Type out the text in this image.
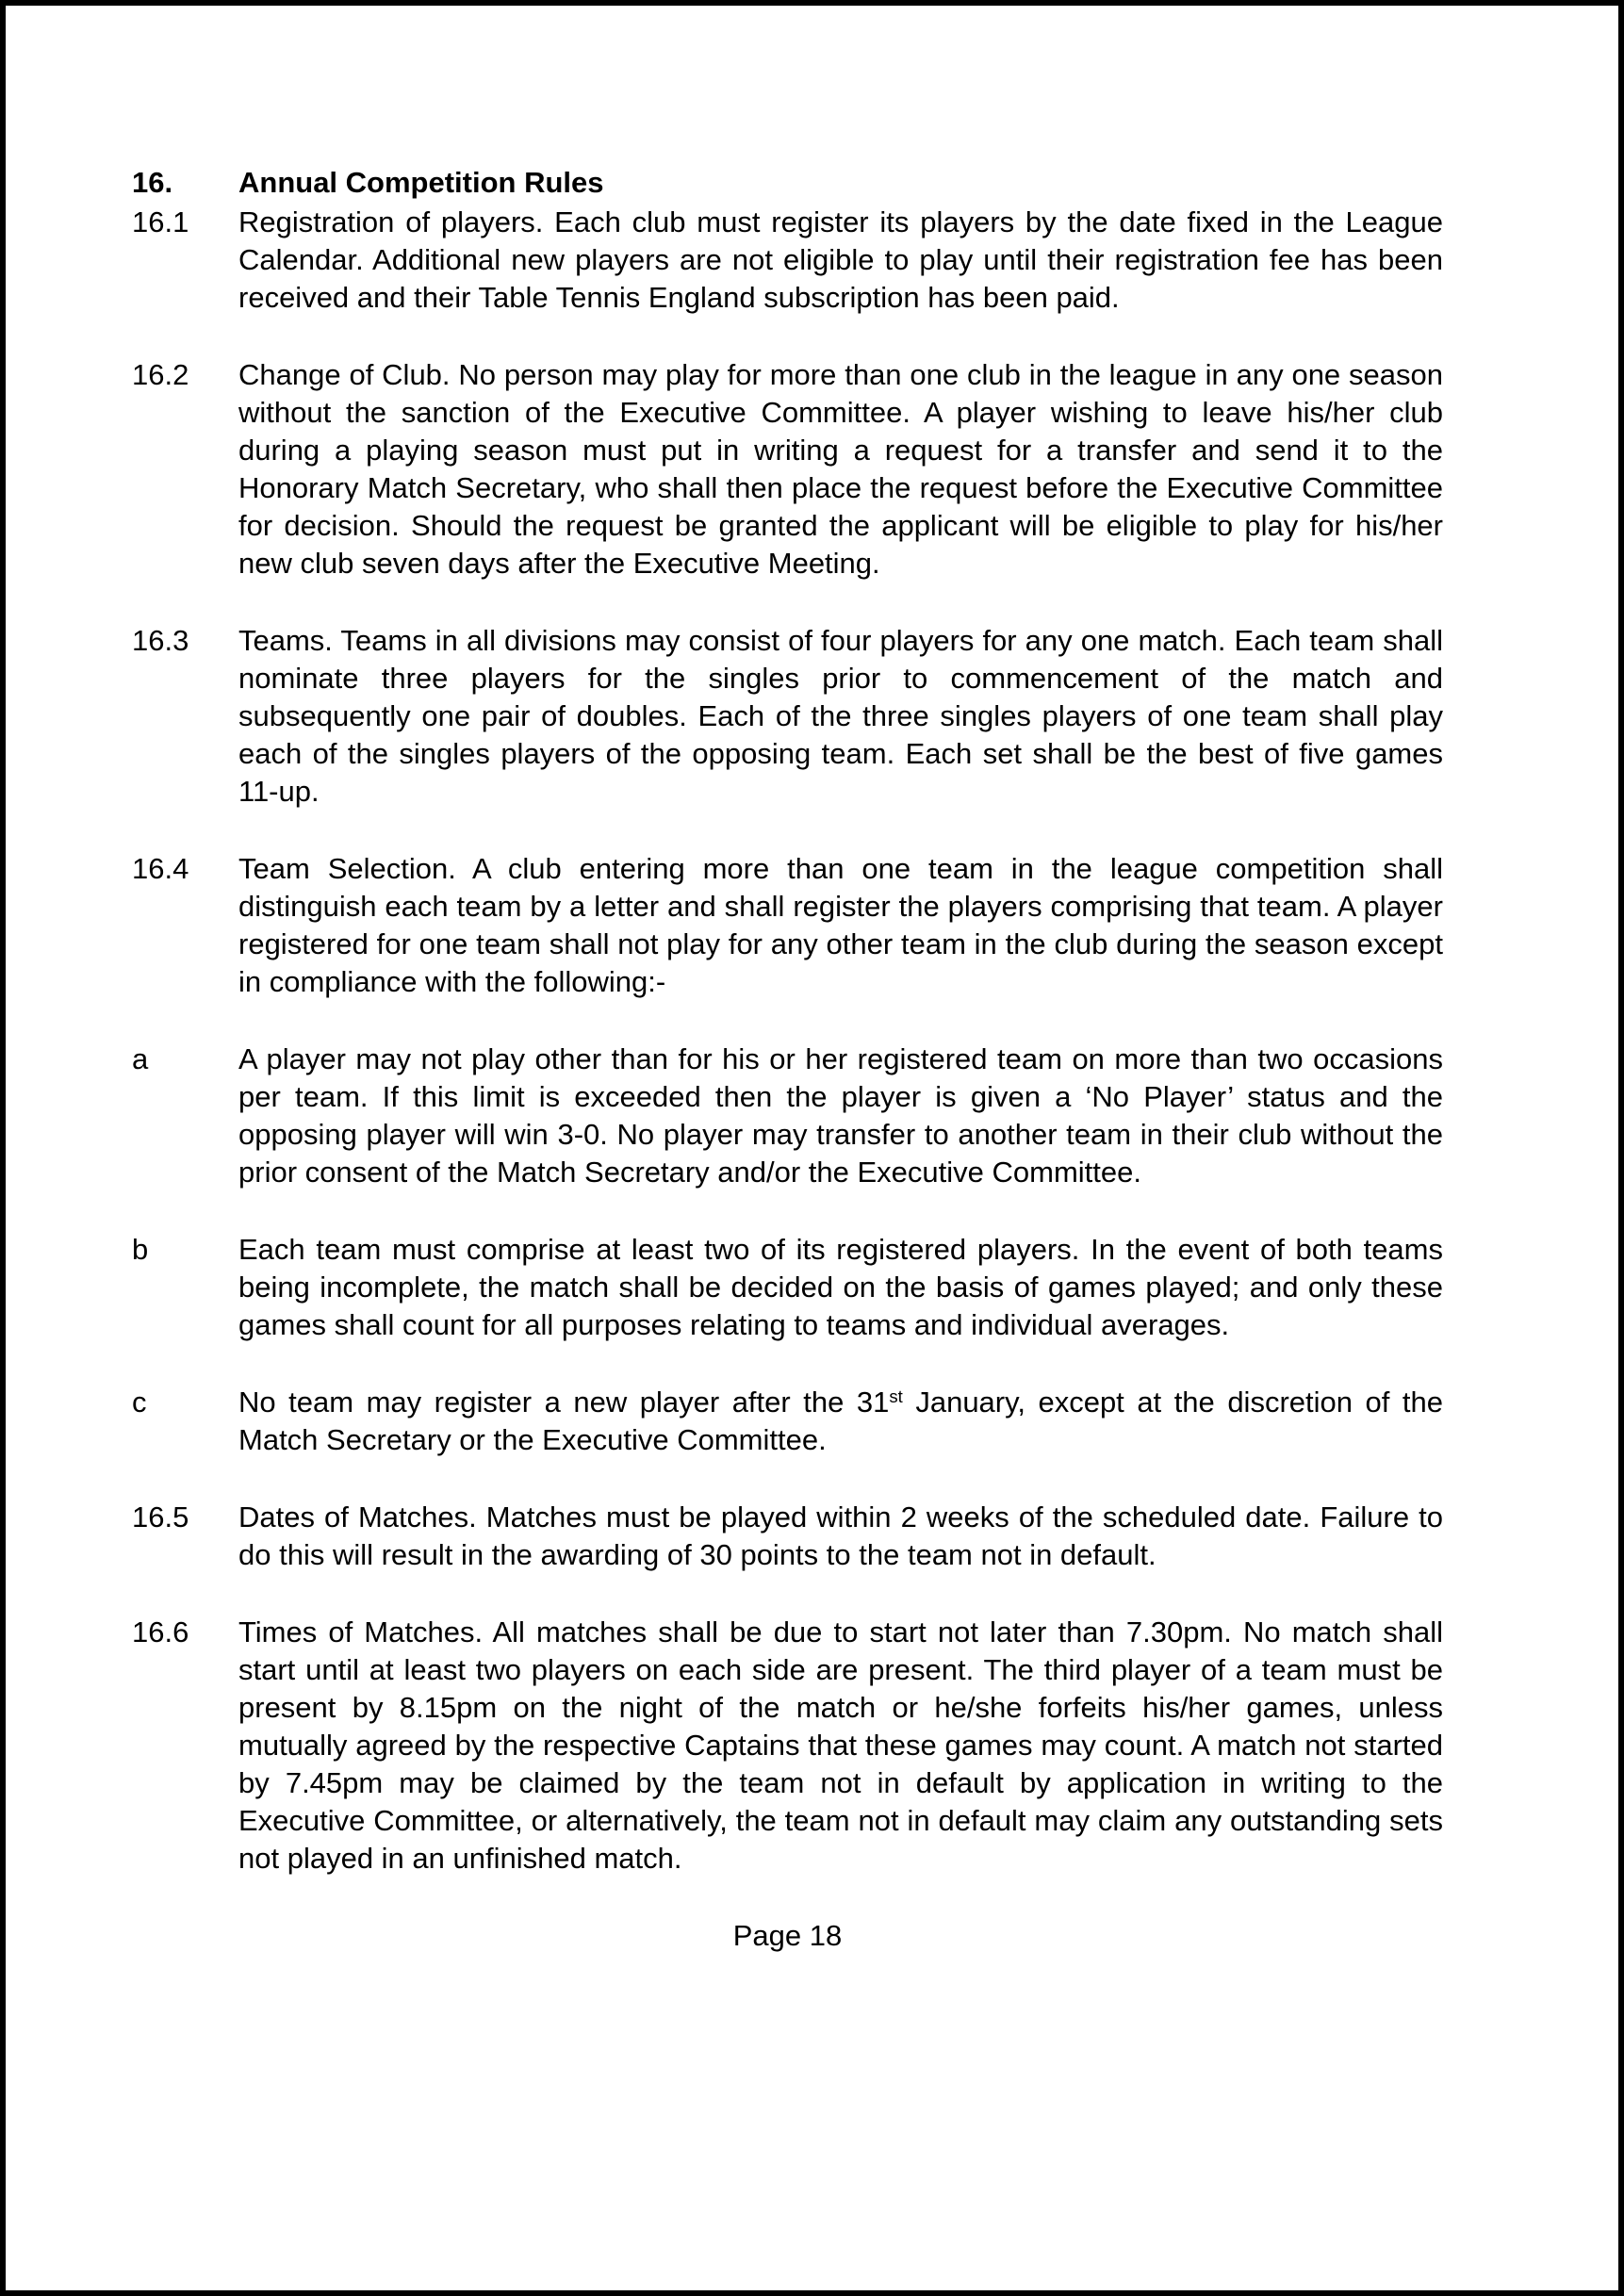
16.	Annual Competition Rules
16.1	Registration of players. Each club must register its players by the date fixed in the League Calendar. Additional new players are not eligible to play until their registration fee has been received and their Table Tennis England subscription has been paid.

16.2	Change of Club. No person may play for more than one club in the league in any one season without the sanction of the Executive Committee. A player wishing to leave his/her club during a playing season must put in writing a request for a transfer and send it to the Honorary Match Secretary, who shall then place the request before the Executive Committee for decision. Should the request be granted the applicant will be eligible to play for his/her new club seven days after the Executive Meeting.

16.3	Teams. Teams in all divisions may consist of four players for any one match. Each team shall nominate three players for the singles prior to commencement of the match and subsequently one pair of doubles. Each of the three singles players of one team shall play each of the singles players of the opposing team. Each set shall be the best of five games 11-up.

16.4	Team Selection. A club entering more than one team in the league competition shall distinguish each team by a letter and shall register the players comprising that team. A player registered for one team shall not play for any other team in the club during the season except in compliance with the following:-

a	A player may not play other than for his or her registered team on more than two occasions per team. If this limit is exceeded then the player is given a ‘No Player’ status and the opposing player will win 3-0. No player may transfer to another team in their club without the prior consent of the Match Secretary and/or the Executive Committee.

b	Each team must comprise at least two of its registered players. In the event of both teams being incomplete, the match shall be decided on the basis of games played; and only these games shall count for all purposes relating to teams and individual averages.

c	No team may register a new player after the 31st January, except at the discretion of the Match Secretary or the Executive Committee.

16.5	Dates of Matches. Matches must be played within 2 weeks of the scheduled date. Failure to do this will result in the awarding of 30 points to the team not in default.

16.6	Times of Matches. All matches shall be due to start not later than 7.30pm. No match shall start until at least two players on each side are present. The third player of a team must be present by 8.15pm on the night of the match or he/she forfeits his/her games, unless mutually agreed by the respective Captains that these games may count. A match not started by 7.45pm may be claimed by the team not in default by application in writing to the Executive Committee, or alternatively, the team not in default may claim any outstanding sets not played in an unfinished match.

Page 18
